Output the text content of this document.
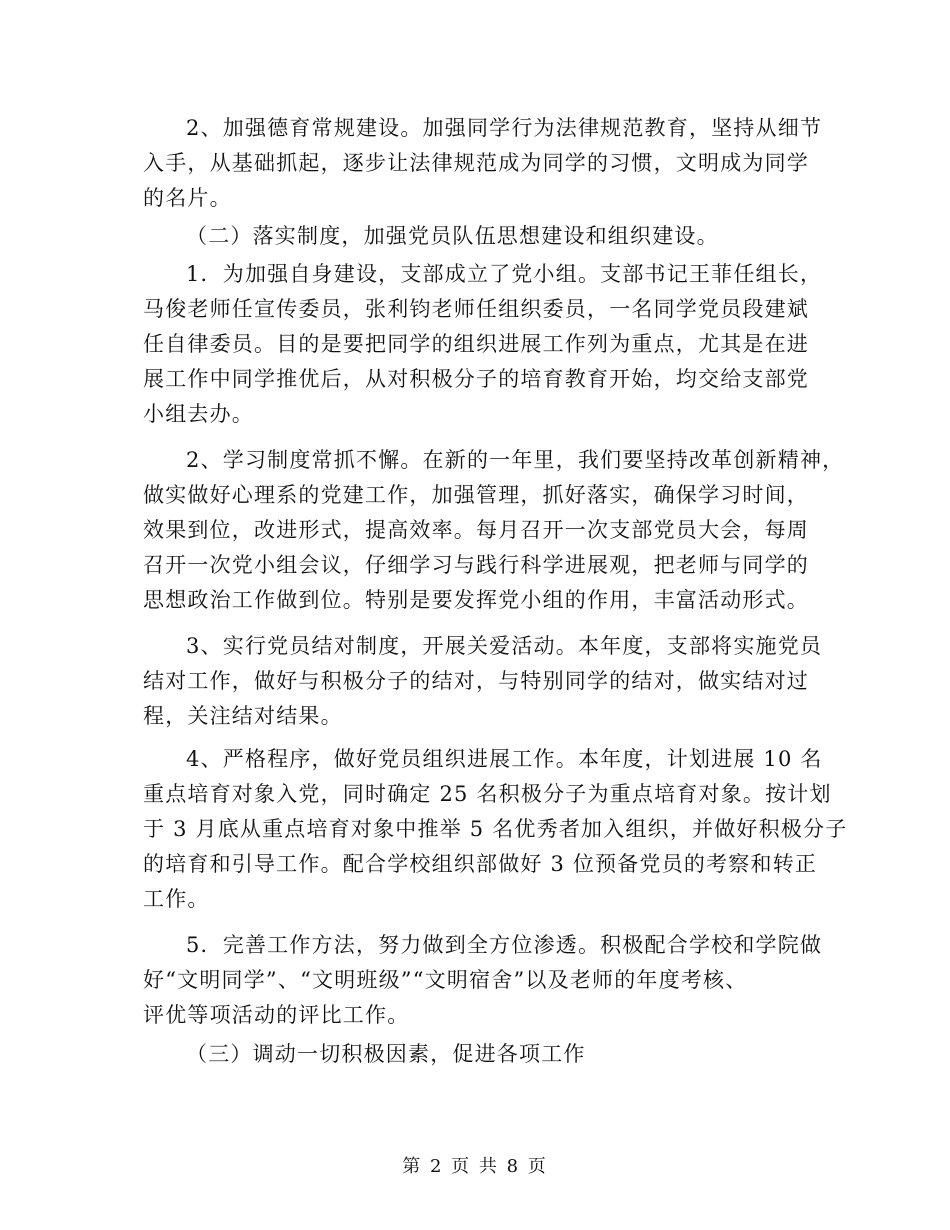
2、加强德育常规建设。加强同学行为法律规范教育，坚持从细节
入手，从基础抓起，逐步让法律规范成为同学的习惯，文明成为同学
的名片。
（二）落实制度，加强党员队伍思想建设和组织建设。
1．为加强自身建设，支部成立了党小组。支部书记王菲任组长，
马俊老师任宣传委员，张利钧老师任组织委员，一名同学党员段建斌
任自律委员。目的是要把同学的组织进展工作列为重点，尤其是在进
展工作中同学推优后，从对积极分子的培育教育开始，均交给支部党
小组去办。
2、学习制度常抓不懈。在新的一年里，我们要坚持改革创新精神，
做实做好心理系的党建工作，加强管理，抓好落实，确保学习时间，
效果到位，改进形式，提高效率。每月召开一次支部党员大会，每周
召开一次党小组会议，仔细学习与践行科学进展观，把老师与同学的
思想政治工作做到位。特别是要发挥党小组的作用，丰富活动形式。
3、实行党员结对制度，开展关爱活动。本年度，支部将实施党员
结对工作，做好与积极分子的结对，与特别同学的结对，做实结对过
程，关注结对结果。
4、严格程序，做好党员组织进展工作。本年度，计划进展 10 名
重点培育对象入党，同时确定 25 名积极分子为重点培育对象。按计划
于 3 月底从重点培育对象中推举 5 名优秀者加入组织，并做好积极分子
的培育和引导工作。配合学校组织部做好 3 位预备党员的考察和转正
工作。
5．完善工作方法，努力做到全方位渗透。积极配合学校和学院做
好“文明同学”、“文明班级”“文明宿舍”以及老师的年度考核、
评优等项活动的评比工作。
（三）调动一切积极因素，促进各项工作
第 2 页 共 8 页
